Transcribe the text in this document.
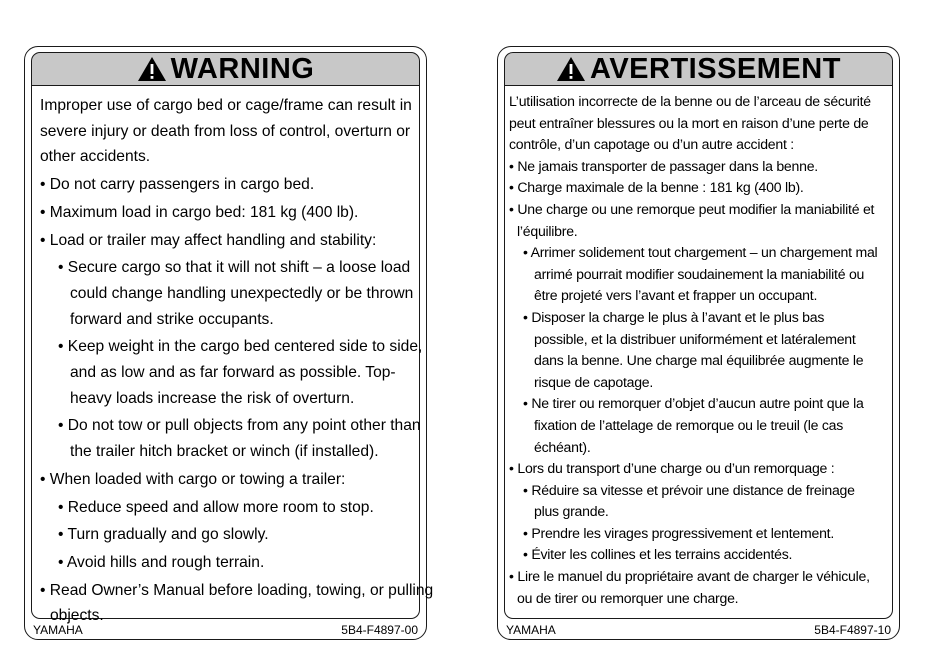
WARNING
Improper use of cargo bed or cage/frame can result in
severe injury or death from loss of control, overturn or
other accidents.
• Do not carry passengers in cargo bed.
• Maximum load in cargo bed: 181 kg (400 lb).
• Load or trailer may affect handling and stability:
• Secure cargo so that it will not shift – a loose load
could change handling unexpectedly or be thrown
forward and strike occupants.
• Keep weight in the cargo bed centered side to side,
and as low and as far forward as possible. Top-
heavy loads increase the risk of overturn.
• Do not tow or pull objects from any point other than
the trailer hitch bracket or winch (if installed).
• When loaded with cargo or towing a trailer:
• Reduce speed and allow more room to stop.
• Turn gradually and go slowly.
• Avoid hills and rough terrain.
• Read Owner’s Manual before loading, towing, or pulling
objects.
YAMAHA	5B4-F4897-00
AVERTISSEMENT
L’utilisation incorrecte de la benne ou de l’arceau de sécurité
peut entraîner blessures ou la mort en raison d’une perte de
contrôle, d’un capotage ou d’un autre accident :
• Ne jamais transporter de passager dans la benne.
• Charge maximale de la benne : 181 kg (400 lb).
• Une charge ou une remorque peut modifier la maniabilité et
l’équilibre.
• Arrimer solidement tout chargement – un chargement mal
arrimé pourrait modifier soudainement la maniabilité ou
être projeté vers l’avant et frapper un occupant.
• Disposer la charge le plus à l’avant et le plus bas
possible, et la distribuer uniformément et latéralement
dans la benne. Une charge mal équilibrée augmente le
risque de capotage.
• Ne tirer ou remorquer d’objet d’aucun autre point que la
fixation de l’attelage de remorque ou le treuil (le cas
échéant).
• Lors du transport d’une charge ou d’un remorquage :
• Réduire sa vitesse et prévoir une distance de freinage
plus grande.
• Prendre les virages progressivement et lentement.
• Éviter les collines et les terrains accidentés.
• Lire le manuel du propriétaire avant de charger le véhicule,
ou de tirer ou remorquer une charge.
YAMAHA	5B4-F4897-10
